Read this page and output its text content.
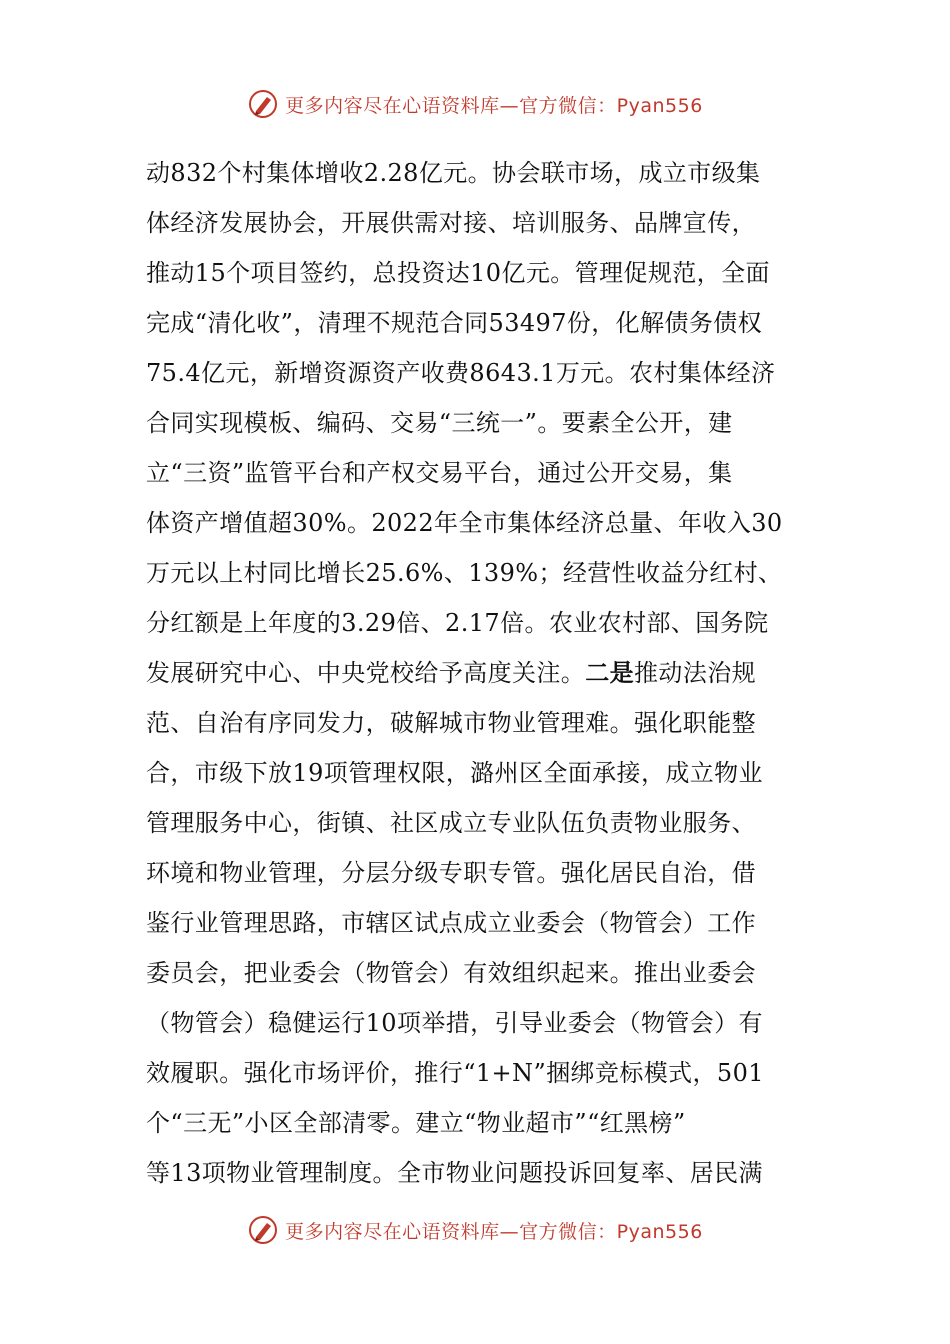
更多内容尽在心语资料库—官方微信：Pyan556
动832个村集体增收2.28亿元。协会联市场，成立市级集
体经济发展协会，开展供需对接、培训服务、品牌宣传，
推动15个项目签约，总投资达10亿元。管理促规范，全面
完成“清化收”，清理不规范合同53497份，化解债务债权
75.4亿元，新增资源资产收费8643.1万元。农村集体经济
合同实现模板、编码、交易“三统一”。要素全公开，建
立“三资”监管平台和产权交易平台，通过公开交易，集
体资产增值超30%。2022年全市集体经济总量、年收入30
万元以上村同比增长25.6%、139%；经营性收益分红村、
分红额是上年度的3.29倍、2.17倍。农业农村部、国务院
发展研究中心、中央党校给予高度关注。二是推动法治规
范、自治有序同发力，破解城市物业管理难。强化职能整
合，市级下放19项管理权限，潞州区全面承接，成立物业
管理服务中心，街镇、社区成立专业队伍负责物业服务、
环境和物业管理，分层分级专职专管。强化居民自治，借
鉴行业管理思路，市辖区试点成立业委会（物管会）工作
委员会，把业委会（物管会）有效组织起来。推出业委会
（物管会）稳健运行10项举措，引导业委会（物管会）有
效履职。强化市场评价，推行“1+N”捆绑竞标模式，501
个“三无”小区全部清零。建立“物业超市”“红黑榜”
等13项物业管理制度。全市物业问题投诉回复率、居民满
更多内容尽在心语资料库—官方微信：Pyan556
